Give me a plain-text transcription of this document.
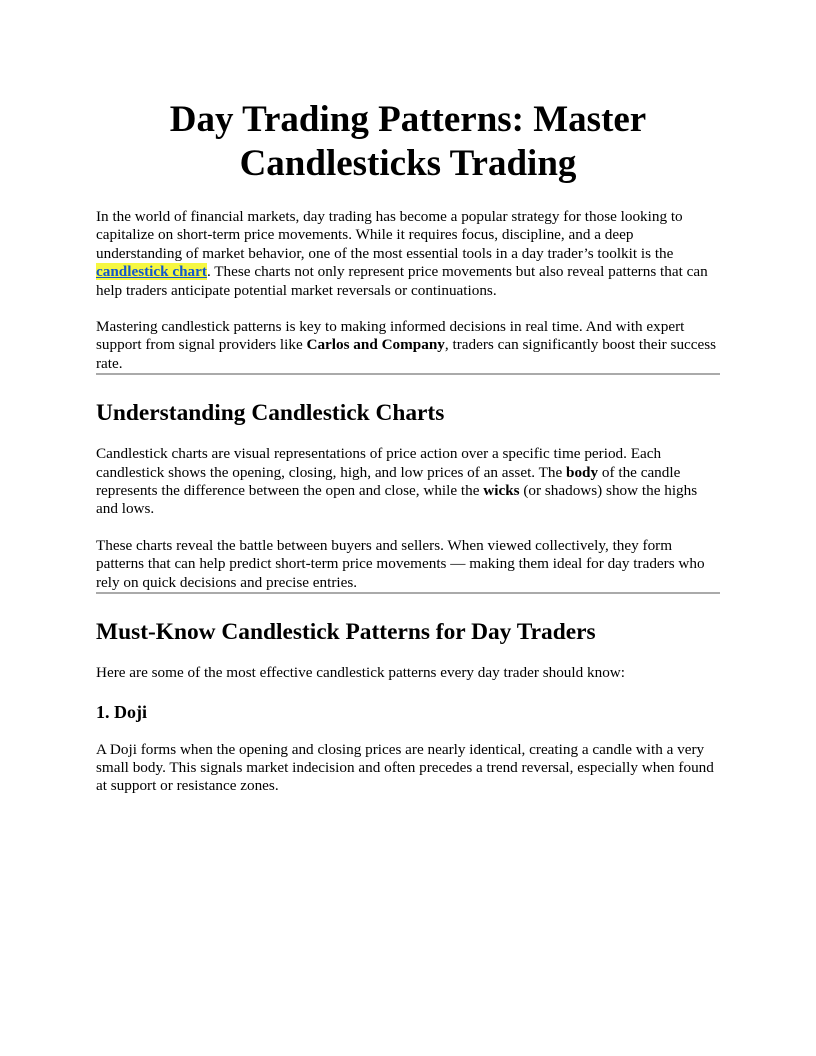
Day Trading Patterns: Master
Candlesticks Trading

In the world of financial markets, day trading has become a popular strategy for those looking to capitalize on short-term price movements. While it requires focus, discipline, and a deep understanding of market behavior, one of the most essential tools in a day trader’s toolkit is the candlestick chart. These charts not only represent price movements but also reveal patterns that can help traders anticipate potential market reversals or continuations.

Mastering candlestick patterns is key to making informed decisions in real time. And with expert support from signal providers like Carlos and Company, traders can significantly boost their success rate.

Understanding Candlestick Charts

Candlestick charts are visual representations of price action over a specific time period. Each candlestick shows the opening, closing, high, and low prices of an asset. The body of the candle represents the difference between the open and close, while the wicks (or shadows) show the highs and lows.

These charts reveal the battle between buyers and sellers. When viewed collectively, they form patterns that can help predict short-term price movements — making them ideal for day traders who rely on quick decisions and precise entries.

Must-Know Candlestick Patterns for Day Traders

Here are some of the most effective candlestick patterns every day trader should know:

1. Doji

A Doji forms when the opening and closing prices are nearly identical, creating a candle with a very small body. This signals market indecision and often precedes a trend reversal, especially when found at support or resistance zones.
